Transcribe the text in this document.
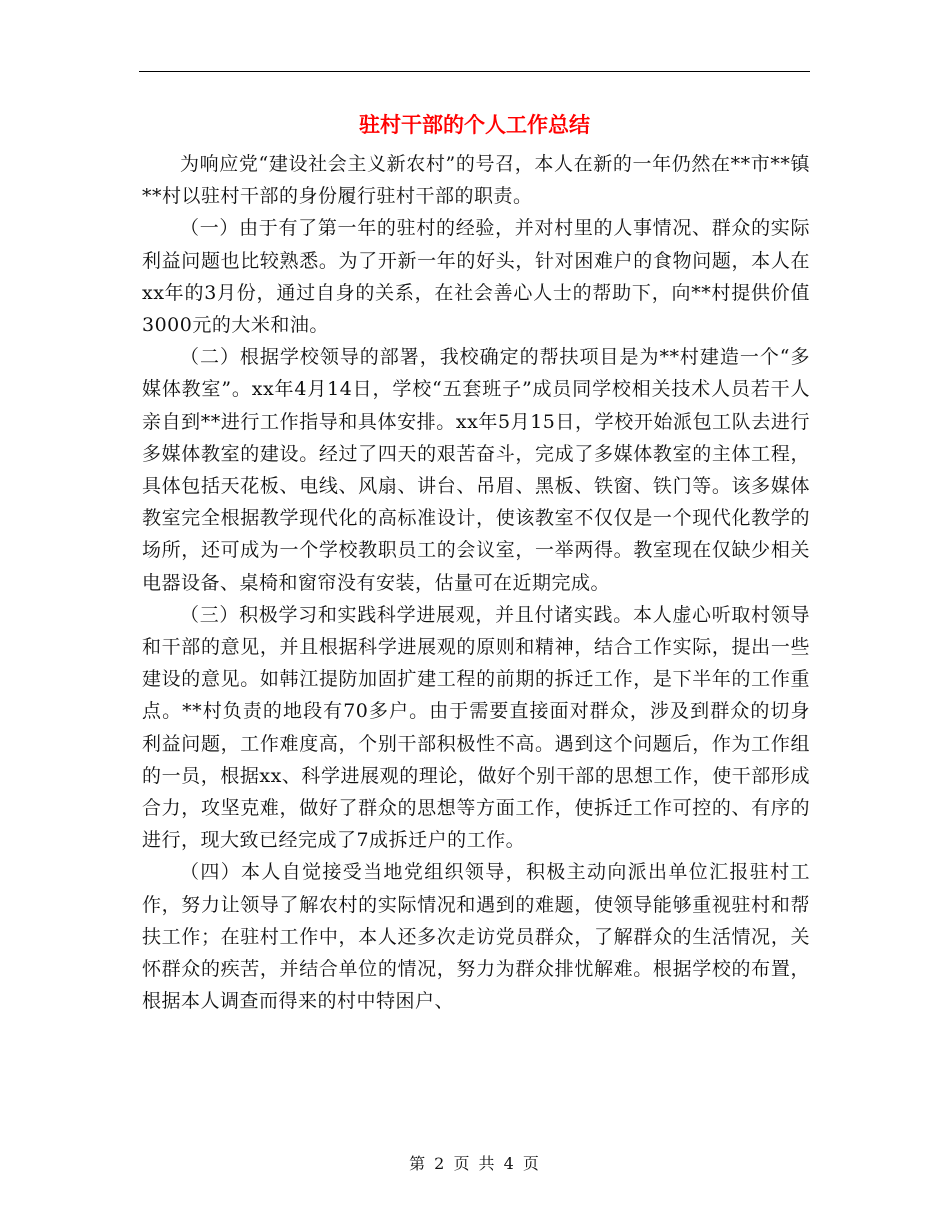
驻村干部的个人工作总结

为响应党“建设社会主义新农村”的号召，本人在新的一年仍然在**市**镇**村以驻村干部的身份履行驻村干部的职责。

（一）由于有了第一年的驻村的经验，并对村里的人事情况、群众的实际利益问题也比较熟悉。为了开新一年的好头，针对困难户的食物问题，本人在xx年的3月份，通过自身的关系，在社会善心人士的帮助下，向**村提供价值3000元的大米和油。

（二）根据学校领导的部署，我校确定的帮扶项目是为**村建造一个“多媒体教室”。xx年4月14日，学校“五套班子”成员同学校相关技术人员若干人亲自到**进行工作指导和具体安排。xx年5月15日，学校开始派包工队去进行多媒体教室的建设。经过了四天的艰苦奋斗，完成了多媒体教室的主体工程，具体包括天花板、电线、风扇、讲台、吊眉、黑板、铁窗、铁门等。该多媒体教室完全根据教学现代化的高标准设计，使该教室不仅仅是一个现代化教学的场所，还可成为一个学校教职员工的会议室，一举两得。教室现在仅缺少相关电器设备、桌椅和窗帘没有安装，估量可在近期完成。

（三）积极学习和实践科学进展观，并且付诸实践。本人虚心听取村领导和干部的意见，并且根据科学进展观的原则和精神，结合工作实际，提出一些建设的意见。如韩江提防加固扩建工程的前期的拆迁工作，是下半年的工作重点。**村负责的地段有70多户。由于需要直接面对群众，涉及到群众的切身利益问题，工作难度高，个别干部积极性不高。遇到这个问题后，作为工作组的一员，根据xx、科学进展观的理论，做好个别干部的思想工作，使干部形成合力，攻坚克难，做好了群众的思想等方面工作，使拆迁工作可控的、有序的进行，现大致已经完成了7成拆迁户的工作。

（四）本人自觉接受当地党组织领导，积极主动向派出单位汇报驻村工作，努力让领导了解农村的实际情况和遇到的难题，使领导能够重视驻村和帮扶工作；在驻村工作中，本人还多次走访党员群众，了解群众的生活情况，关怀群众的疾苦，并结合单位的情况，努力为群众排忧解难。根据学校的布置，根据本人调查而得来的村中特困户、

第 2 页 共 4 页
